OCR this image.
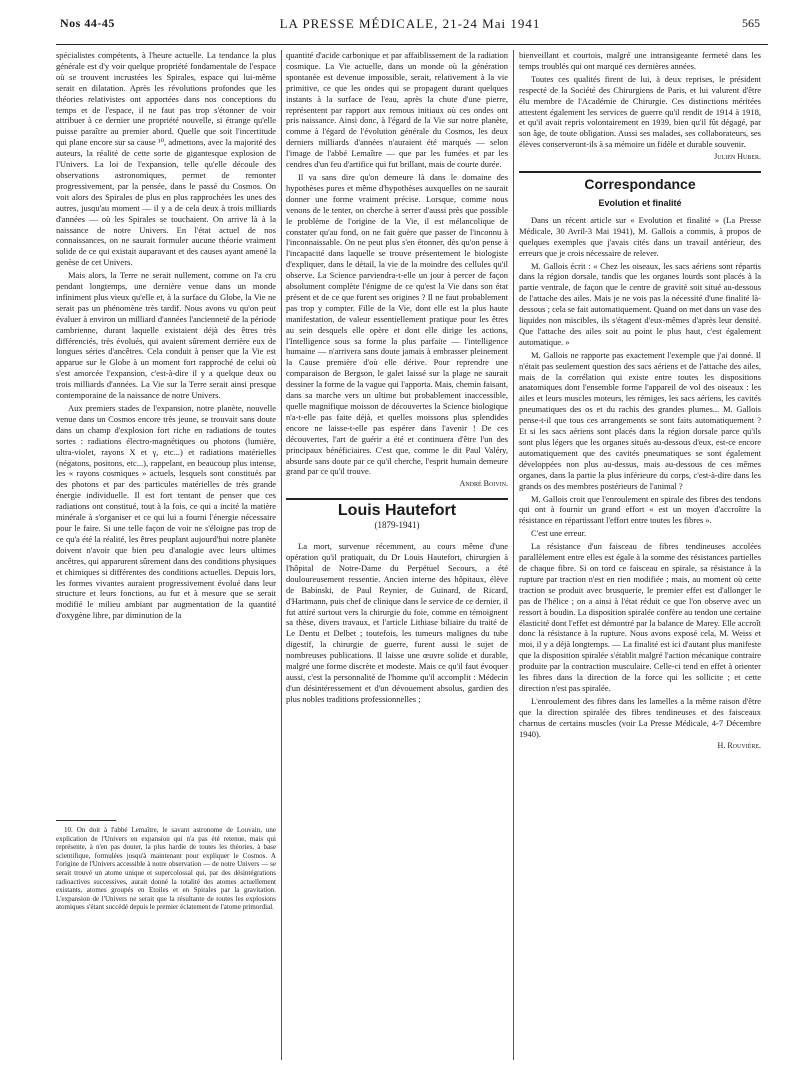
Nos 44-45	LA PRESSE MÉDICALE, 21-24 Mai 1941	565

spécialistes compétents, à l'heure actuelle. La tendance la plus générale est d'y voir quelque propriété fondamentale de l'espace où se trouvent incrustées les Spirales, espace qui lui-même serait en dilatation. Après les révolutions profondes que les théories relativistes ont apportées dans nos conceptions du temps et de l'espace, il ne faut pas trop s'étonner de voir attribuer à ce dernier une propriété nouvelle, si étrange qu'elle puisse paraître au premier abord. Quelle que soit l'incertitude qui plane encore sur sa cause ¹⁰, admettons, avec la majorité des auteurs, la réalité de cette sorte de gigantesque explosion de l'Univers. La loi de l'expansion, telle qu'elle découle des observations astronomiques, permet de remonter progressivement, par la pensée, dans le passé du Cosmos. On voit alors des Spirales de plus en plus rapprochées les unes des autres, jusqu'au moment — il y a de cela deux à trois milliards d'années — où les Spirales se touchaient. On arrive là à la naissance de notre Univers. En l'état actuel de nos connaissances, on ne saurait formuler aucune théorie vraiment solide de ce qui existait auparavant et des causes ayant amené la genèse de cet Univers.

Mais alors, la Terre ne serait nullement, comme on l'a cru pendant longtemps, une dernière venue dans un monde infiniment plus vieux qu'elle et, à la surface du Globe, la Vie ne serait pas un phénomène très tardif. Nous avons vu qu'on peut évaluer à environ un milliard d'années l'ancienneté de la période cambrienne, durant laquelle existaient déjà des êtres très différenciés, très évolués, qui avaient sûrement derrière eux de longues séries d'ancêtres. Cela conduit à penser que la Vie est apparue sur le Globe à un moment fort rapproché de celui où s'est amorcée l'expansion, c'est-à-dire il y a quelque deux ou trois milliards d'années. La Vie sur la Terre serait ainsi presque contemporaine de la naissance de notre Univers.

Aux premiers stades de l'expansion, notre planète, nouvelle venue dans un Cosmos encore très jeune, se trouvait sans doute dans un champ d'explosion fort riche en radiations de toutes sortes : radiations électro-magnétiques ou photons (lumière, ultra-violet, rayons X et γ, etc...) et radiations matérielles (négatons, positons, etc...), rappelant, en beaucoup plus intense, les « rayons cosmiques » actuels, lesquels sont constitués par des photons et par des particules matérielles de très grande énergie individuelle. Il est fort tentant de penser que ces radiations ont constitué, tout à la fois, ce qui a incité la matière minérale à s'organiser et ce qui lui a fourni l'énergie nécessaire pour le faire. Si une telle façon de voir ne s'éloigne pas trop de ce qu'a été la réalité, les êtres peuplant aujourd'hui notre planète doivent n'avoir que bien peu d'analogie avec leurs ultimes ancêtres, qui apparurent sûrement dans des conditions physiques et chimiques si différentes des conditions actuelles. Depuis lors, les formes vivantes auraient progressivement évolué dans leur structure et leurs fonctions, au fur et à mesure que se serait modifié le milieu ambiant par augmentation de la quantité d'oxygène libre, par diminution de la

10. On doit à l'abbé Lemaître, le savant astronome de Louvain, une explication de l'Univers en expansion qui n'a pas été retenue, mais qui représente, à n'en pas douter, la plus hardie de toutes les théories, à base scientifique, formulées jusqu'à maintenant pour expliquer le Cosmos. A l'origine de l'Univers accessible à notre observation — de notre Univers — se serait trouvé un atome unique et supercolossal qui, par des désintégrations radioactives successives, aurait donné la totalité des atomes actuellement existants, atomes groupés en Etoiles et en Spirales par la gravitation. L'expansion de l'Univers ne serait que la résultante de toutes les explosions atomiques s'étant succédé depuis le premier éclatement de l'atome primordial.

quantité d'acide carbonique et par affaiblissement de la radiation cosmique. La Vie actuelle, dans un monde où la génération spontanée est devenue impossible, serait, relativement à la vie primitive, ce que les ondes qui se propagent durant quelques instants à la surface de l'eau, après la chute d'une pierre, représentent par rapport aux remous initiaux où ces ondes ont pris naissance. Ainsi donc, à l'égard de la Vie sur notre planète, comme à l'égard de l'évolution générale du Cosmos, les deux derniers milliards d'années n'auraient été marqués — selon l'image de l'abbé Lemaître — que par les fumées et par les cendres d'un feu d'artifice qui fut brillant, mais de courte durée.

Il va sans dire qu'on demeure là dans le domaine des hypothèses pures et même d'hypothèses auxquelles on ne saurait donner une forme vraiment précise. Lorsque, comme nous venons de le tenter, on cherche à serrer d'aussi près que possible le problème de l'origine de la Vie, il est mélancolique de constater qu'au fond, on ne fait guère que passer de l'inconnu à l'inconnaissable. On ne peut plus s'en étonner, dès qu'on pense à l'incapacité dans laquelle se trouve présentement le biologiste d'expliquer, dans le détail, la vie de la moindre des cellules qu'il observe. La Science parviendra-t-elle un jour à percer de façon absolument complète l'énigme de ce qu'est la Vie dans son état présent et de ce que furent ses origines ? Il ne faut probablement pas trop y compter. Fille de la Vie, dont elle est la plus haute manifestation, de valeur essentiellement pratique pour les êtres au sein desquels elle opère et dont elle dirige les actions, l'Intelligence sous sa forme la plus parfaite — l'intelligence humaine — n'arrivera sans doute jamais à embrasser pleinement la Cause première d'où elle dérive. Pour reprendre une comparaison de Bergson, le galet laissé sur la plage ne saurait dessiner la forme de la vague qui l'apporta. Mais, chemin faisant, dans sa marche vers un ultime but probablement inaccessible, quelle magnifique moisson de découvertes la Science biologique n'a-t-elle pas faite déjà, et quelles moissons plus splendides encore ne laisse-t-elle pas espérer dans l'avenir ! De ces découvertes, l'art de guérir a été et continuera d'être l'un des principaux bénéficiaires. C'est que, comme le dit Paul Valéry, absurde sans doute par ce qu'il cherche, l'esprit humain demeure grand par ce qu'il trouve.

André Boivin.
Louis Hautefort
(1879-1941)

La mort, survenue récemment, au cours même d'une opération qu'il pratiquait, du Dr Louis Hautefort, chirurgien à l'hôpital de Notre-Dame du Perpétuel Secours, a été douloureusement ressentie. Ancien interne des hôpitaux, élève de Babinski, de Paul Reynier, de Guinard, de Ricard, d'Hartmann, puis chef de clinique dans le service de ce dernier, il fut attiré surtout vers la chirurgie du foie, comme en témoignent sa thèse, divers travaux, et l'article Lithiase biliaire du traité de Le Dentu et Delbet ; toutefois, les tumeurs malignes du tube digestif, la chirurgie de guerre, furent aussi le sujet de nombreuses publications. Il laisse une œuvre solide et durable, malgré une forme discrète et modeste. Mais ce qu'il faut évoquer aussi, c'est la personnalité de l'homme qu'il accomplit : Médecin d'un désintéressement et d'un dévouement absolus, gardien des plus nobles traditions professionnelles ;

bienveillant et courtois, malgré une intransigeante fermeté dans les temps troublés qui ont marqué ces dernières années.

Toutes ces qualités firent de lui, à deux reprises, le président respecté de la Société des Chirurgiens de Paris, et lui valurent d'être élu membre de l'Académie de Chirurgie. Ces distinctions méritées attestent également les services de guerre qu'il rendit de 1914 à 1918, et qu'il avait repris volontairement en 1939, bien qu'il fût dégagé, par son âge, de toute obligation. Aussi ses malades, ses collaborateurs, ses élèves conserveront-ils à sa mémoire un fidèle et durable souvenir.

Julien Huber.
Correspondance
Evolution et finalité

Dans un récent article sur « Evolution et finalité » (La Presse Médicale, 30 Avril-3 Mai 1941), M. Gallois a commis, à propos de quelques exemples que j'avais cités dans un travail antérieur, des erreurs que je crois nécessaire de relever.

M. Gallois écrit : « Chez les oiseaux, les sacs aériens sont répartis dans la région dorsale, tandis que les organes lourds sont placés à la partie ventrale, de façon que le centre de gravité soit situé au-dessous de l'attache des ailes. Mais je ne vois pas la nécessité d'une finalité là-dessous ; cela se fait automatiquement. Quand on met dans un vase des liquides non miscibles, ils s'étagent d'eux-mêmes d'après leur densité. Que l'attache des ailes soit au point le plus haut, c'est également automatique. »

M. Gallois ne rapporte pas exactement l'exemple que j'ai donné. Il n'était pas seulement question des sacs aériens et de l'attache des ailes, mais de la corrélation qui existe entre toutes les dispositions anatomiques dont l'ensemble forme l'appareil de vol des oiseaux : les ailes et leurs muscles moteurs, les rémiges, les sacs aériens, les cavités pneumatiques des os et du rachis des grandes plumes... M. Gallois pense-t-il que tous ces arrangements se sont faits automatiquement ? Et si les sacs aériens sont placés dans la région dorsale parce qu'ils sont plus légers que les organes situés au-dessous d'eux, est-ce encore automatiquement que des cavités pneumatiques se sont également développées non plus au-dessus, mais au-dessous de ces mêmes organes, dans la partie la plus inférieure du corps, c'est-à-dire dans les grands os des membres postérieurs de l'animal ?

M. Gallois croit que l'enroulement en spirale des fibres des tendons qui ont à fournir un grand effort « est un moyen d'accroître la résistance en répartissant l'effort entre toutes les fibres ».

C'est une erreur.

La résistance d'un faisceau de fibres tendineuses accolées parallèlement entre elles est égale à la somme des résistances partielles de chaque fibre. Si on tord ce faisceau en spirale, sa résistance à la rupture par traction n'est en rien modifiée ; mais, au moment où cette traction se produit avec brusquerie, le premier effet est d'allonger le pas de l'hélice ; on a ainsi à l'état réduit ce que l'on observe avec un ressort à boudin. La disposition spiralée confère au tendon une certaine élasticité dont l'effet est démontré par la balance de Marey. Elle accroît donc la résistance à la rupture. Nous avons exposé cela, M. Weiss et moi, il y a déjà longtemps. — La finalité est ici d'autant plus manifeste que la disposition spiralée s'établit malgré l'action mécanique contraire produite par la contraction musculaire. Celle-ci tend en effet à orienter les fibres dans la direction de la force qui les sollicite ; et cette direction n'est pas spiralée.

L'enroulement des fibres dans les lamelles a la même raison d'être que la direction spiralée des fibres tendineuses et des faisceaux charnus de certains muscles (voir La Presse Médicale, 4-7 Décembre 1940).

H. Rouvière.
